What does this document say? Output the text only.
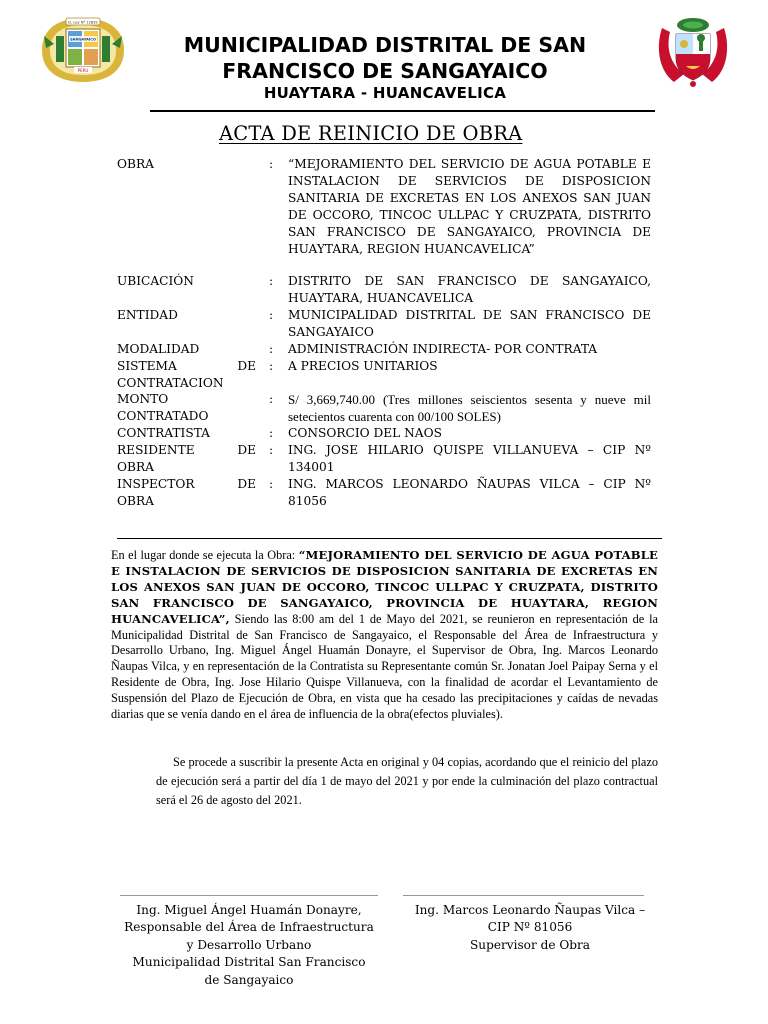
D. Ley Nº 12839
SANGAYAICO
PERU
MUNICIPALIDAD DISTRITAL DE SAN FRANCISCO DE SANGAYAICO
HUAYTARA - HUANCAVELICA
ACTA DE REINICIO DE OBRA
OBRA	:	“MEJORAMIENTO DEL SERVICIO DE AGUA POTABLE E INSTALACION DE SERVICIOS DE DISPOSICION SANITARIA DE EXCRETAS EN LOS ANEXOS SAN JUAN DE OCCORO, TINCOC ULLPAC Y CRUZPATA, DISTRITO SAN FRANCISCO DE SANGAYAICO, PROVINCIA DE HUAYTARA, REGION HUANCAVELICA”
UBICACIÓN	:	DISTRITO DE SAN FRANCISCO DE SANGAYAICO, HUAYTARA, HUANCAVELICA
ENTIDAD	:	MUNICIPALIDAD DISTRITAL DE SAN FRANCISCO DE SANGAYAICO
MODALIDAD	:	ADMINISTRACIÓN INDIRECTA- POR CONTRATA
SISTEMA	DE
CONTRATACION
:	A PRECIOS UNITARIOS
MONTO
CONTRATADO
: S/ 3,669,740.00 (Tres millones seiscientos sesenta y nueve mil setecientos cuarenta con 00/100 SOLES)
CONTRATISTA	:	CONSORCIO DEL NAOS
RESIDENTE	DE
OBRA
:	ING. JOSE HILARIO QUISPE VILLANUEVA – CIP Nº 134001
INSPECTOR	DE
OBRA
:	ING. MARCOS LEONARDO ÑAUPAS VILCA – CIP Nº 81056
En el lugar donde se ejecuta la Obra: “MEJORAMIENTO DEL SERVICIO DE AGUA POTABLE E INSTALACION DE SERVICIOS DE DISPOSICION SANITARIA DE EXCRETAS EN LOS ANEXOS SAN JUAN DE OCCORO, TINCOC ULLPAC Y CRUZPATA, DISTRITO SAN FRANCISCO DE SANGAYAICO, PROVINCIA DE HUAYTARA, REGION HUANCAVELICA”, Siendo las 8:00 am del 1 de Mayo del 2021, se reunieron en representación de la Municipalidad Distrital de San Francisco de Sangayaico, el Responsable del Área de Infraestructura y Desarrollo Urbano, Ing. Miguel Ángel Huamán Donayre, el Supervisor de Obra, Ing. Marcos Leonardo Ñaupas Vilca, y en representación de la Contratista su Representante común Sr. Jonatan Joel Paipay Serna y el Residente de Obra, Ing. Jose Hilario Quispe Villanueva, con la finalidad de acordar el Levantamiento de Suspensión del Plazo de Ejecución de Obra, en vista que ha cesado las precipitaciones y caídas de nevadas diarias que se venía dando en el área de influencia de la obra(efectos pluviales).
Se procede a suscribir la presente Acta en original y 04 copias, acordando que el reinicio del plazo de ejecución será a partir del día 1 de mayo del 2021 y por ende la culminación del plazo contractual será el 26 de agosto del 2021.
Ing. Miguel Ángel Huamán Donayre,
Responsable del Área de Infraestructura
y Desarrollo Urbano
Municipalidad Distrital San Francisco
de Sangayaico
Ing. Marcos Leonardo Ñaupas Vilca –
CIP Nº 81056
Supervisor de Obra
